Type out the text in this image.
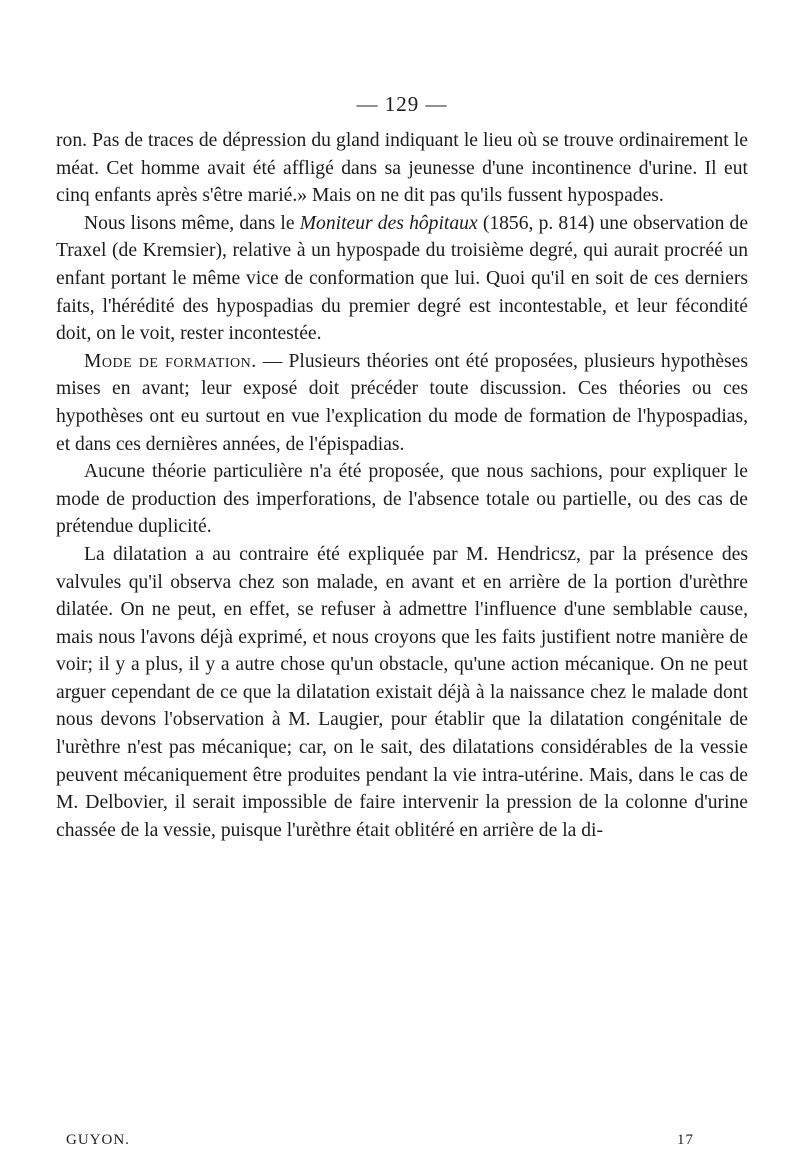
— 129 —

ron. Pas de traces de dépression du gland indiquant le lieu où se trouve ordinairement le méat. Cet homme avait été affligé dans sa jeunesse d'une incontinence d'urine. Il eut cinq enfants après s'être marié.» Mais on ne dit pas qu'ils fussent hypospades.

Nous lisons même, dans le Moniteur des hôpitaux (1856, p. 814) une observation de Traxel (de Kremsier), relative à un hypospade du troisième degré, qui aurait procréé un enfant portant le même vice de conformation que lui. Quoi qu'il en soit de ces derniers faits, l'hérédité des hypospadias du premier degré est incontestable, et leur fécondité doit, on le voit, rester incontestée.

Mode de formation. — Plusieurs théories ont été proposées, plusieurs hypothèses mises en avant; leur exposé doit précéder toute discussion. Ces théories ou ces hypothèses ont eu surtout en vue l'explication du mode de formation de l'hypospadias, et dans ces dernières années, de l'épispadias.

Aucune théorie particulière n'a été proposée, que nous sachions, pour expliquer le mode de production des imperforations, de l'absence totale ou partielle, ou des cas de prétendue duplicité.

La dilatation a au contraire été expliquée par M. Hendricsz, par la présence des valvules qu'il observa chez son malade, en avant et en arrière de la portion d'urèthre dilatée. On ne peut, en effet, se refuser à admettre l'influence d'une semblable cause, mais nous l'avons déjà exprimé, et nous croyons que les faits justifient notre manière de voir; il y a plus, il y a autre chose qu'un obstacle, qu'une action mécanique. On ne peut arguer cependant de ce que la dilatation existait déjà à la naissance chez le malade dont nous devons l'observation à M. Laugier, pour établir que la dilatation congénitale de l'urèthre n'est pas mécanique; car, on le sait, des dilatations considérables de la vessie peuvent mécaniquement être produites pendant la vie intra-utérine. Mais, dans le cas de M. Delbovier, il serait impossible de faire intervenir la pression de la colonne d'urine chassée de la vessie, puisque l'urèthre était oblitéré en arrière de la di-

GUYON.	17
